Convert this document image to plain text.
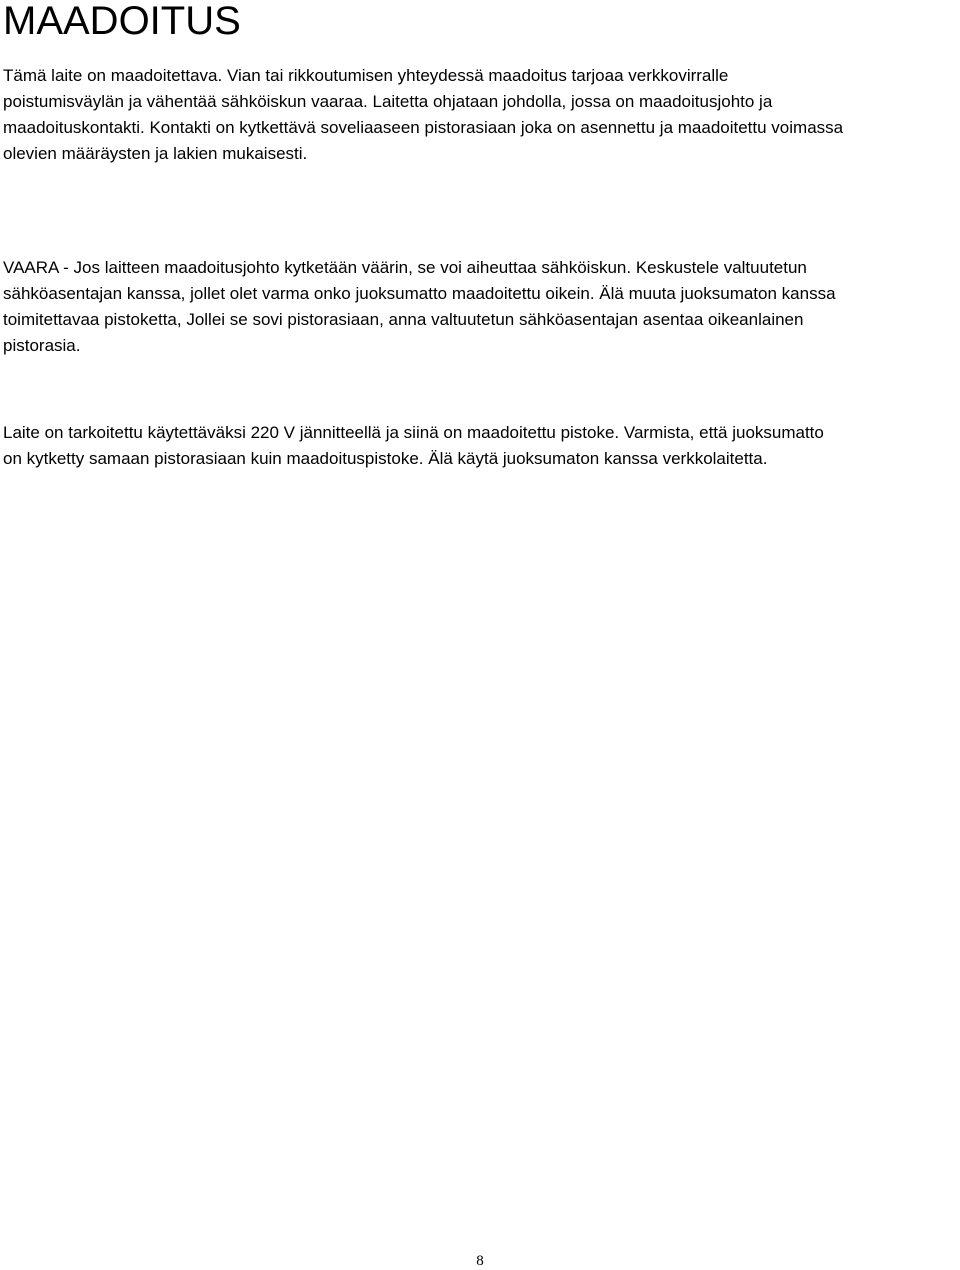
MAADOITUS

Tämä laite on maadoitettava. Vian tai rikkoutumisen yhteydessä maadoitus tarjoaa verkkovirralle
poistumisväylän ja vähentää sähköiskun vaaraa. Laitetta ohjataan johdolla, jossa on maadoitusjohto ja
maadoituskontakti. Kontakti on kytkettävä soveliaaseen pistorasiaan joka on asennettu ja maadoitettu voimassa
olevien määräysten ja lakien mukaisesti.

VAARA - Jos laitteen maadoitusjohto kytketään väärin, se voi aiheuttaa sähköiskun. Keskustele valtuutetun
sähköasentajan kanssa, jollet olet varma onko juoksumatto maadoitettu oikein. Älä muuta juoksumaton kanssa
toimitettavaa pistoketta, Jollei se sovi pistorasiaan, anna valtuutetun sähköasentajan asentaa oikeanlainen
pistorasia.

Laite on tarkoitettu käytettäväksi 220 V jännitteellä ja siinä on maadoitettu pistoke. Varmista, että juoksumatto
on kytketty samaan pistorasiaan kuin maadoituspistoke. Älä käytä juoksumaton kanssa verkkolaitetta.

8
